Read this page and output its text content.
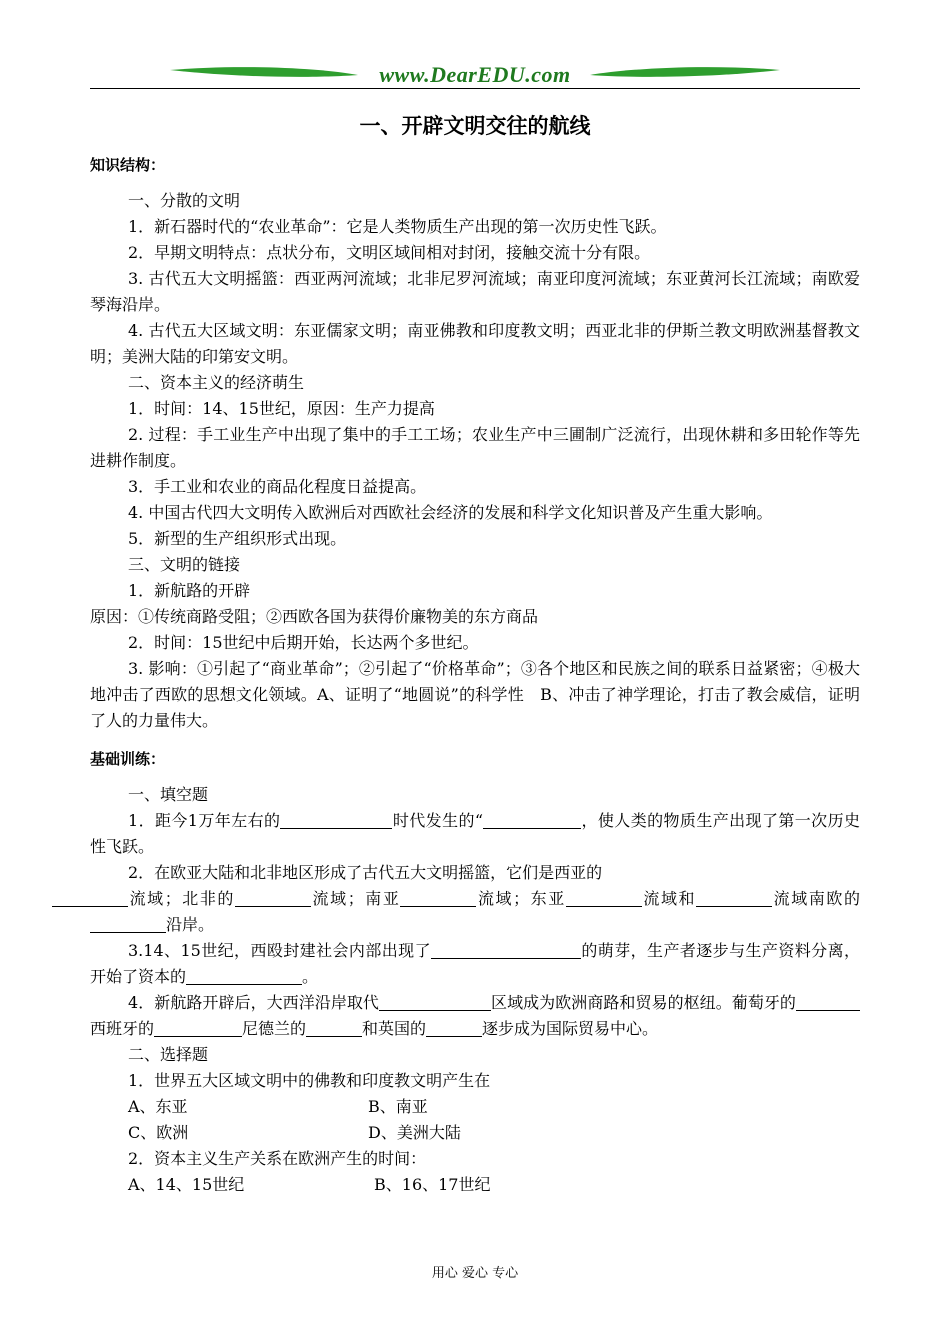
www.DearEDU.com
一、开辟文明交往的航线
知识结构：
一、分散的文明
1．新石器时代的“农业革命”：它是人类物质生产出现的第一次历史性飞跃。
2．早期文明特点：点状分布，文明区域间相对封闭，接触交流十分有限。
3. 古代五大文明摇篮：西亚两河流域；北非尼罗河流域；南亚印度河流域；东亚黄河长江流域；南欧爱琴海沿岸。
4. 古代五大区域文明：东亚儒家文明；南亚佛教和印度教文明；西亚北非的伊斯兰教文明欧洲基督教文明；美洲大陆的印第安文明。
二、资本主义的经济萌生
1．时间：14、15世纪，原因：生产力提高
2. 过程：手工业生产中出现了集中的手工工场；农业生产中三圃制广泛流行，出现休耕和多田轮作等先进耕作制度。
3．手工业和农业的商品化程度日益提高。
4. 中国古代四大文明传入欧洲后对西欧社会经济的发展和科学文化知识普及产生重大影响。
5．新型的生产组织形式出现。
三、文明的链接
1．新航路的开辟
原因：①传统商路受阻；②西欧各国为获得价廉物美的东方商品
2．时间：15世纪中后期开始，长达两个多世纪。
3. 影响：①引起了“商业革命”；②引起了“价格革命”；③各个地区和民族之间的联系日益紧密；④极大地冲击了西欧的思想文化领域。A、证明了“地圆说”的科学性　B、冲击了神学理论，打击了教会威信，证明了人的力量伟大。
基础训练：
一、填空题
1．距今1万年左右的	时代发生的“	，使人类的物质生产出现了第一次历史性飞跃。
2．在欧亚大陆和北非地区形成了古代五大文明摇篮，它们是西亚的
流域；北非的	流域；南亚	流域；东亚	流域和	流域南欧的沿岸。
3.14、15世纪，西殴封建社会内部出现了	的萌芽，生产者逐步与生产资料分离，开始了资本的	。
4．新航路开辟后，大西洋沿岸取代	区域成为欧洲商路和贸易的枢纽。葡萄牙的西班牙的	尼德兰的	和英国的	逐步成为国际贸易中心。
二、选择题
1．世界五大区域文明中的佛教和印度教文明产生在
A、东亚	B、南亚
C、欧洲	D、美洲大陆
2．资本主义生产关系在欧洲产生的时间：
A、14、15世纪	B、16、17世纪
用心 爱心 专心
